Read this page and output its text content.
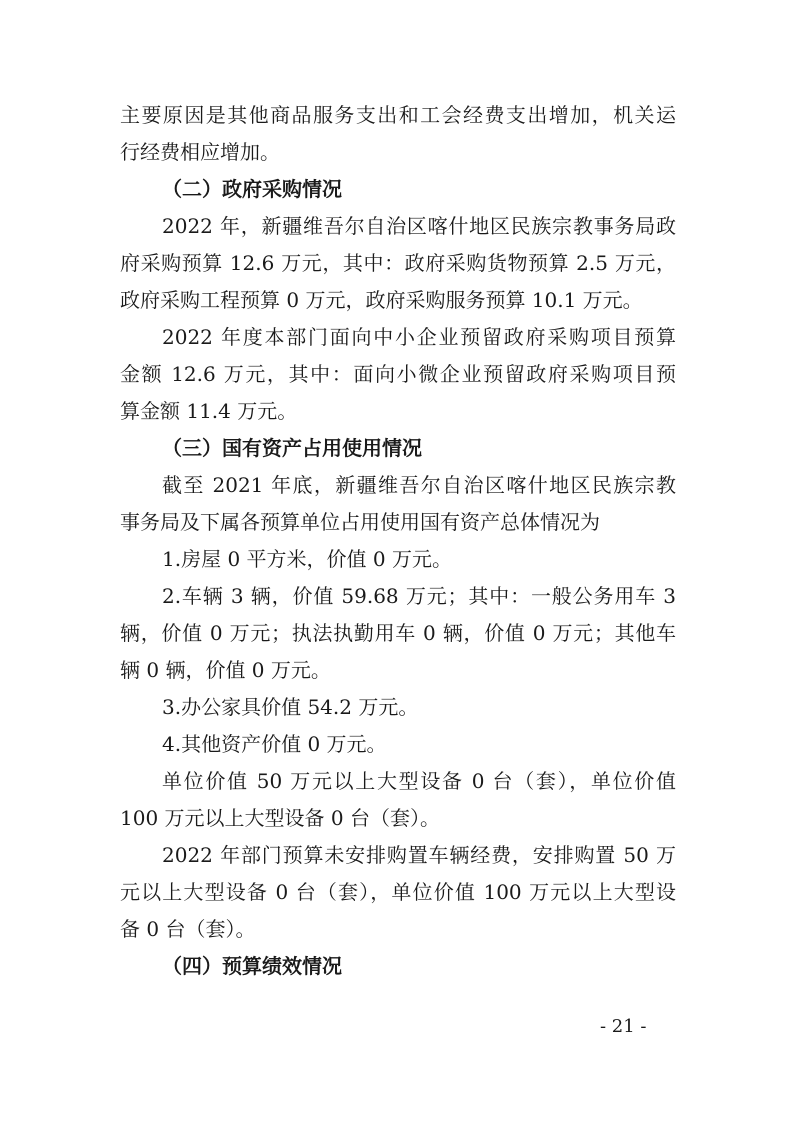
主要原因是其他商品服务支出和工会经费支出增加，机关运
行经费相应增加。
（二）政府采购情况
2022 年，新疆维吾尔自治区喀什地区民族宗教事务局政
府采购预算 12.6 万元，其中：政府采购货物预算 2.5 万元，
政府采购工程预算 0 万元，政府采购服务预算 10.1 万元。
2022 年度本部门面向中小企业预留政府采购项目预算
金额 12.6 万元，其中：面向小微企业预留政府采购项目预
算金额 11.4 万元。
（三）国有资产占用使用情况
截至 2021 年底，新疆维吾尔自治区喀什地区民族宗教
事务局及下属各预算单位占用使用国有资产总体情况为
1.房屋 0 平方米，价值 0 万元。
2.车辆 3 辆，价值 59.68 万元；其中：一般公务用车 3
辆，价值 0 万元；执法执勤用车 0 辆，价值 0 万元；其他车
辆 0 辆，价值 0 万元。
3.办公家具价值 54.2 万元。
4.其他资产价值 0 万元。
单位价值 50 万元以上大型设备 0 台（套），单位价值
100 万元以上大型设备 0 台（套）。
2022 年部门预算未安排购置车辆经费，安排购置 50 万
元以上大型设备 0 台（套），单位价值 100 万元以上大型设
备 0 台（套）。
（四）预算绩效情况
- 21 -
